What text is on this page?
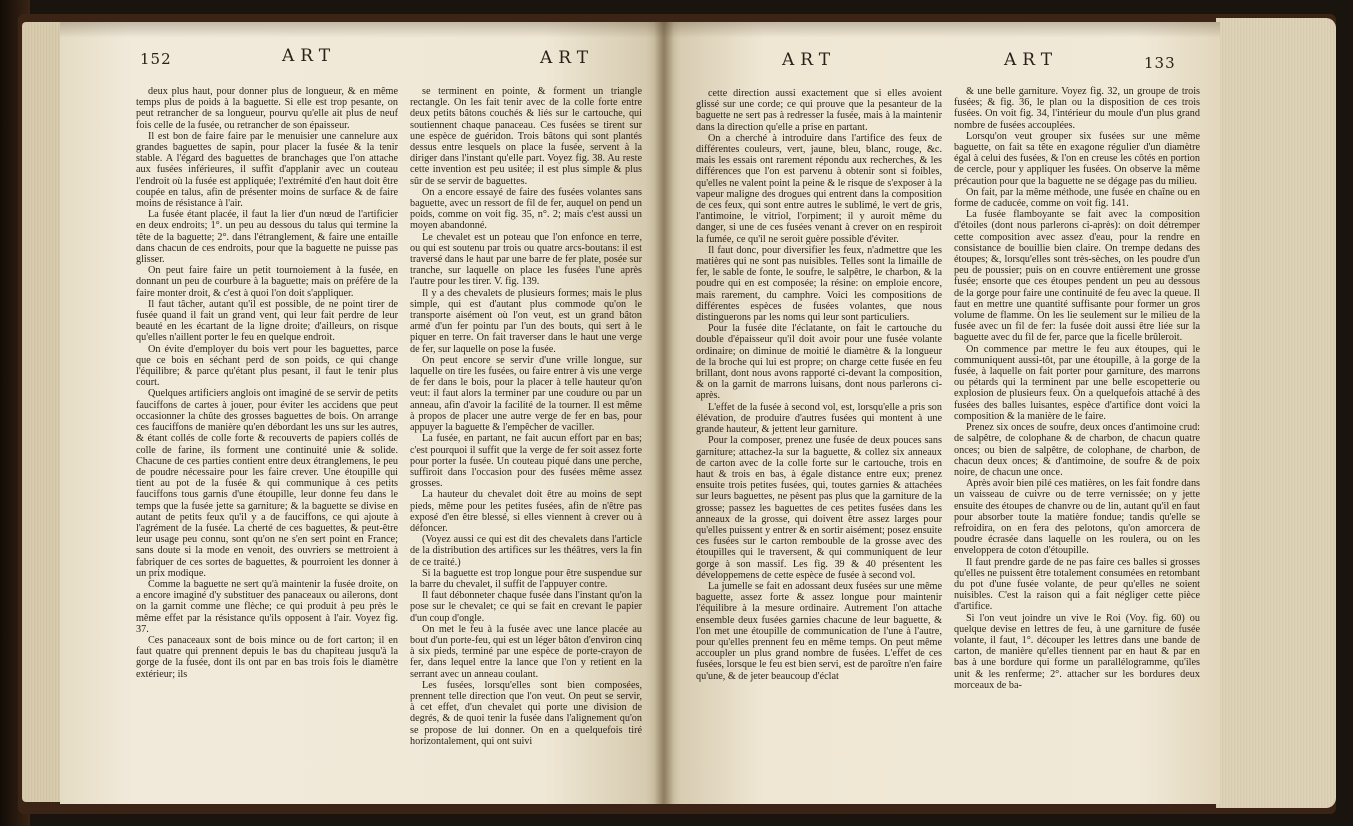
152	ART	ART

deux plus haut, pour donner plus de longueur, & en même temps plus de poids à la baguette. Si elle est trop pesante, on peut retrancher de sa longueur, pourvu qu'elle ait plus de neuf fois celle de la fusée, ou retrancher de son épaisseur.

Il est bon de faire faire par le menuisier une cannelure aux grandes baguettes de sapin, pour placer la fusée & la tenir stable. A l'égard des baguettes de branchages que l'on attache aux fusées inférieures, il suffit d'applanir avec un couteau l'endroit où la fusée est appliquée; l'extrémité d'en haut doit être coupée en talus, afin de présenter moins de surface & de faire moins de résistance à l'air.

La fusée étant placée, il faut la lier d'un nœud de l'artificier en deux endroits; 1°. un peu au dessous du talus qui termine la tête de la baguette; 2°. dans l'étranglement, & faire une entaille dans chacun de ces endroits, pour que la baguette ne puisse pas glisser.

On peut faire faire un petit tournoiement à la fusée, en donnant un peu de courbure à la baguette; mais on préfère de la faire monter droit, & c'est à quoi l'on doit s'appliquer.

Il faut tâcher, autant qu'il est possible, de ne point tirer de fusée quand il fait un grand vent, qui leur fait perdre de leur beauté en les écartant de la ligne droite; d'ailleurs, on risque qu'elles n'aillent porter le feu en quelque endroit.

On évite d'employer du bois vert pour les baguettes, parce que ce bois en séchant perd de son poids, ce qui change l'équilibre; & parce qu'étant plus pesant, il faut le tenir plus court.

Quelques artificiers anglois ont imaginé de se servir de petits fauciffons de cartes à jouer, pour éviter les accidens que peut occasionner la chûte des grosses baguettes de bois. On arrange ces fauciffons de manière qu'en débordant les uns sur les autres, & étant collés de colle forte & recouverts de papiers collés de colle de farine, ils forment une continuité unie & solide. Chacune de ces parties contient entre deux étranglemens, le peu de poudre nécessaire pour les faire crever. Une étoupille qui tient au pot de la fusée & qui communique à ces petits fauciffons tous garnis d'une étoupille, leur donne feu dans le temps que la fusée jette sa garniture; & la baguette se divise en autant de petits feux qu'il y a de fauciffons, ce qui ajoute à l'agrément de la fusée. La cherté de ces baguettes, & peut-être leur usage peu connu, sont qu'on ne s'en sert point en France; sans doute si la mode en venoit, des ouvriers se mettroient à fabriquer de ces sortes de baguettes, & pourroient les donner à un prix modique.

Comme la baguette ne sert qu'à maintenir la fusée droite, on a encore imaginé d'y substituer des panaceaux ou ailerons, dont on la garnit comme une flèche; ce qui produit à peu près le même effet par la résistance qu'ils opposent à l'air. Voyez fig. 37.

Ces panaceaux sont de bois mince ou de fort carton; il en faut quatre qui prennent depuis le bas du chapiteau jusqu'à la gorge de la fusée, dont ils ont par en bas trois fois le diamètre extérieur; ils

se terminent en pointe, & forment un triangle rectangle. On les fait tenir avec de la colle forte entre deux petits bâtons couchés & liés sur le cartouche, qui soutiennent chaque panaceau. Ces fusées se tirent sur une espèce de guéridon. Trois bâtons qui sont plantés dessus entre lesquels on place la fusée, servent à la diriger dans l'instant qu'elle part. Voyez fig. 38. Au reste cette invention est peu usitée; il est plus simple & plus sûr de se servir de baguettes.

On a encore essayé de faire des fusées volantes sans baguette, avec un ressort de fil de fer, auquel on pend un poids, comme on voit fig. 35, n°. 2; mais c'est aussi un moyen abandonné.

Le chevalet est un poteau que l'on enfonce en terre, ou qui est soutenu par trois ou quatre arcs-boutans: il est traversé dans le haut par une barre de fer plate, posée sur tranche, sur laquelle on place les fusées l'une après l'autre pour les tirer. V. fig. 139.

Il y a des chevalets de plusieurs formes; mais le plus simple, qui est d'autant plus commode qu'on le transporte aisément où l'on veut, est un grand bâton armé d'un fer pointu par l'un des bouts, qui sert à le piquer en terre. On fait traverser dans le haut une verge de fer, sur laquelle on pose la fusée.

On peut encore se servir d'une vrille longue, sur laquelle on tire les fusées, ou faire entrer à vis une verge de fer dans le bois, pour la placer à telle hauteur qu'on veut: il faut alors la terminer par une coudure ou par un anneau, afin d'avoir la facilité de la tourner. Il est même à propos de placer une autre verge de fer en bas, pour appuyer la baguette & l'empêcher de vaciller.

La fusée, en partant, ne fait aucun effort par en bas; c'est pourquoi il suffit que la verge de fer soit assez forte pour porter la fusée. Un couteau piqué dans une perche, suffiroit dans l'occasion pour des fusées même assez grosses.

La hauteur du chevalet doit être au moins de sept pieds, même pour les petites fusées, afin de n'être pas exposé d'en être blessé, si elles viennent à crever ou à défoncer.

(Voyez aussi ce qui est dit des chevalets dans l'article de la distribution des artifices sur les théâtres, vers la fin de ce traité.)

Si la baguette est trop longue pour être suspendue sur la barre du chevalet, il suffit de l'appuyer contre.

Il faut débonneter chaque fusée dans l'instant qu'on la pose sur le chevalet; ce qui se fait en crevant le papier d'un coup d'ongle.

On met le feu à la fusée avec une lance placée au bout d'un porte-feu, qui est un léger bâton d'environ cinq à six pieds, terminé par une espèce de porte-crayon de fer, dans lequel entre la lance que l'on y retient en la serrant avec un anneau coulant.

Les fusées, lorsqu'elles sont bien composées, prennent telle direction que l'on veut. On peut se servir, à cet effet, d'un chevalet qui porte une division de degrés, & de quoi tenir la fusée dans l'alignement qu'on se propose de lui donner. On en a quelquefois tiré horizontalement, qui ont suivi

ART	ART	133

cette direction aussi exactement que si elles avoient glissé sur une corde; ce qui prouve que la pesanteur de la baguette ne sert pas à redresser la fusée, mais à la maintenir dans la direction qu'elle a prise en partant.

On a cherché à introduire dans l'artifice des feux de différentes couleurs, vert, jaune, bleu, blanc, rouge, &c. mais les essais ont rarement répondu aux recherches, & les différences que l'on est parvenu à obtenir sont si foibles, qu'elles ne valent point la peine & le risque de s'exposer à la vapeur maligne des drogues qui entrent dans la composition de ces feux, qui sont entre autres le sublimé, le vert de gris, l'antimoine, le vitriol, l'orpiment; il y auroit même du danger, si une de ces fusées venant à crever on en respiroit la fumée, ce qu'il ne seroit guère possible d'éviter.

Il faut donc, pour diversifier les feux, n'admettre que les matières qui ne sont pas nuisibles. Telles sont la limaille de fer, le sable de fonte, le soufre, le salpêtre, le charbon, & la poudre qui en est composée; la résine: on emploie encore, mais rarement, du camphre. Voici les compositions de différentes espèces de fusées volantes, que nous distinguerons par les noms qui leur sont particuliers.

Pour la fusée dite l'éclatante, on fait le cartouche du double d'épaisseur qu'il doit avoir pour une fusée volante ordinaire; on diminue de moitié le diamètre & la longueur de la broche qui lui est propre; on charge cette fusée en feu brillant, dont nous avons rapporté ci-devant la composition, & on la garnit de marrons luisans, dont nous parlerons ci-après.

L'effet de la fusée à second vol, est, lorsqu'elle a pris son élévation, de produire d'autres fusées qui montent à une grande hauteur, & jettent leur garniture.

Pour la composer, prenez une fusée de deux pouces sans garniture; attachez-la sur la baguette, & collez six anneaux de carton avec de la colle forte sur le cartouche, trois en haut & trois en bas, à égale distance entre eux; prenez ensuite trois petites fusées, qui, toutes garnies & attachées sur leurs baguettes, ne pèsent pas plus que la garniture de la grosse; passez les baguettes de ces petites fusées dans les anneaux de la grosse, qui doivent être assez larges pour qu'elles puissent y entrer & en sortir aisément; posez ensuite ces fusées sur le carton rembouble de la grosse avec des étoupilles qui le traversent, & qui communiquent de leur gorge à son massif. Les fig. 39 & 40 présentent les développemens de cette espèce de fusée à second vol.

La jumelle se fait en adossant deux fusées sur une même baguette, assez forte & assez longue pour maintenir l'équilibre à la mesure ordinaire. Autrement l'on attache ensemble deux fusées garnies chacune de leur baguette, & l'on met une étoupille de communication de l'une à l'autre, pour qu'elles prennent feu en même temps. On peut même accoupler un plus grand nombre de fusées. L'effet de ces fusées, lorsque le feu est bien servi, est de paroître n'en faire qu'une, & de jeter beaucoup d'éclat

& une belle garniture. Voyez fig. 32, un groupe de trois fusées; & fig. 36, le plan ou la disposition de ces trois fusées. On voit fig. 34, l'intérieur du moule d'un plus grand nombre de fusées accouplées.

Lorsqu'on veut grouper six fusées sur une même baguette, on fait sa tête en exagone régulier d'un diamètre égal à celui des fusées, & l'on en creuse les côtés en portion de cercle, pour y appliquer les fusées. On observe la même précaution pour que la baguette ne se dégage pas du milieu.

On fait, par la même méthode, une fusée en chaîne ou en forme de caducée, comme on voit fig. 141.

La fusée flamboyante se fait avec la composition d'étoiles (dont nous parlerons ci-après): on doit détremper cette composition avec assez d'eau, pour la rendre en consistance de bouillie bien claire. On trempe dedans des étoupes; &, lorsqu'elles sont très-sèches, on les poudre d'un peu de poussier; puis on en couvre entièrement une grosse fusée; ensorte que ces étoupes pendent un peu au dessous de la gorge pour faire une continuité de feu avec la queue. Il faut en mettre une quantité suffisante pour former un gros volume de flamme. On les lie seulement sur le milieu de la fusée avec un fil de fer: la fusée doit aussi être liée sur la baguette avec du fil de fer, parce que la ficelle brûleroit.

On commence par mettre le feu aux étoupes, qui le communiquent aussi-tôt, par une étoupille, à la gorge de la fusée, à laquelle on fait porter pour garniture, des marrons ou pétards qui la terminent par une belle escopetterie ou explosion de plusieurs feux. On a quelquefois attaché à des fusées des balles luisantes, espèce d'artifice dont voici la composition & la manière de le faire.

Prenez six onces de soufre, deux onces d'antimoine crud: de salpêtre, de colophane & de charbon, de chacun quatre onces; ou bien de salpêtre, de colophane, de charbon, de chacun deux onces; & d'antimoine, de soufre & de poix noire, de chacun une once.

Après avoir bien pilé ces matières, on les fait fondre dans un vaisseau de cuivre ou de terre vernissée; on y jette ensuite des étoupes de chanvre ou de lin, autant qu'il en faut pour absorber toute la matière fondue; tandis qu'elle se refroidira, on en fera des pelotons, qu'on amorcera de poudre écrasée dans laquelle on les roulera, ou on les enveloppera de coton d'étoupille.

Il faut prendre garde de ne pas faire ces balles si grosses qu'elles ne puissent être totalement consumées en retombant du pot d'une fusée volante, de peur qu'elles ne soient nuisibles. C'est la raison qui a fait négliger cette pièce d'artifice.

Si l'on veut joindre un vive le Roi (Voy. fig. 60) ou quelque devise en lettres de feu, à une garniture de fusée volante, il faut, 1°. découper les lettres dans une bande de carton, de manière qu'elles tiennent par en haut & par en bas à une bordure qui forme un parallélogramme, qu'iles unit & les renferme; 2°. attacher sur les bordures deux morceaux de ba-
